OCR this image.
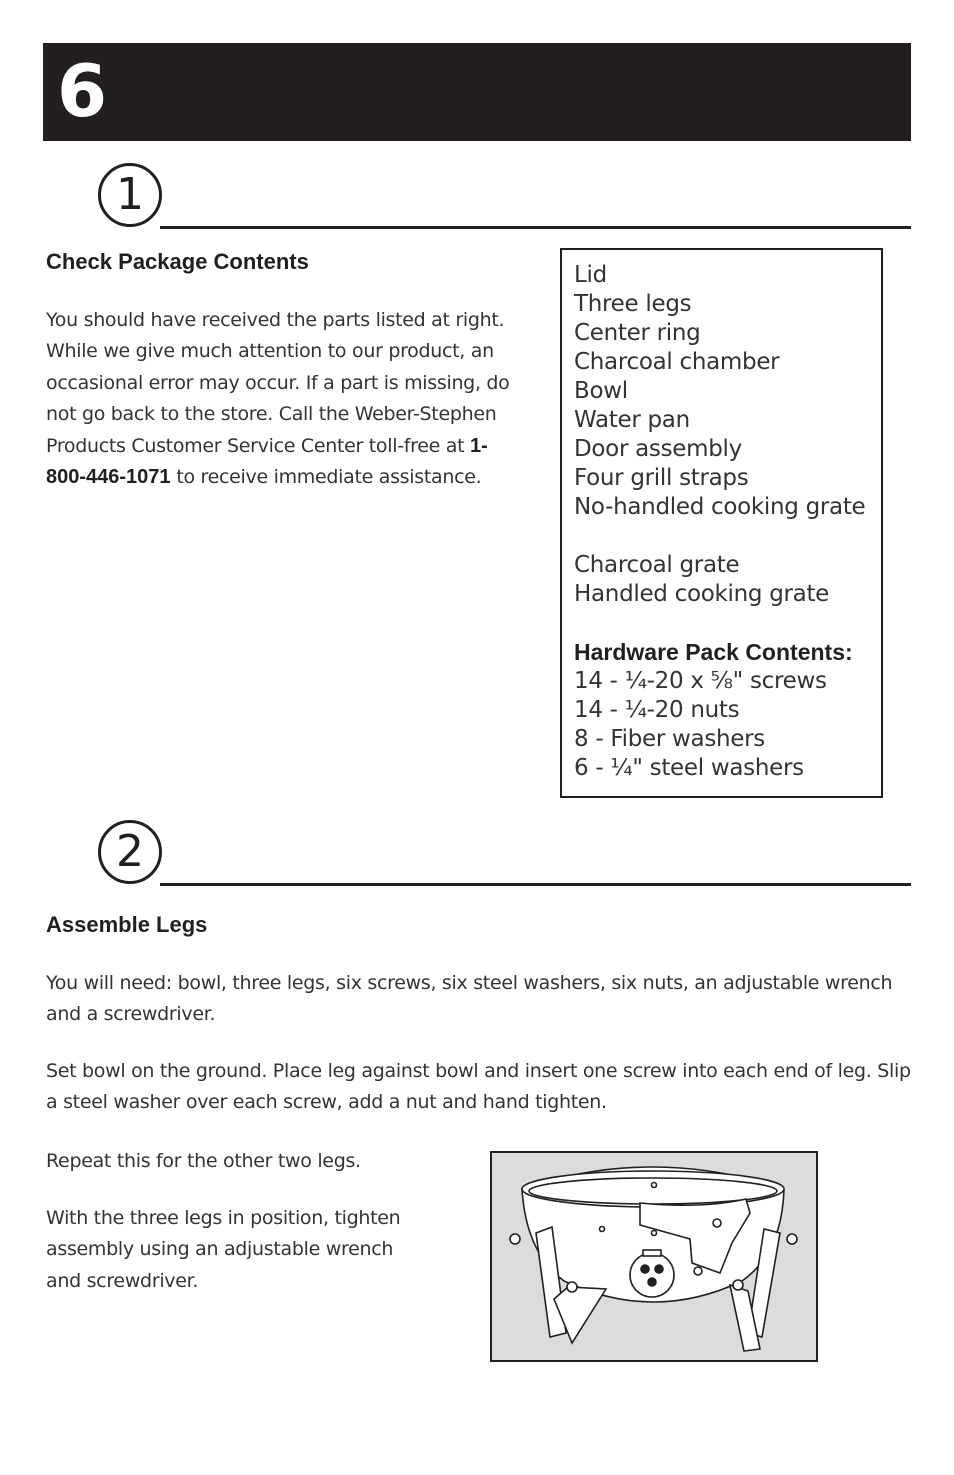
6
1
Check Package Contents
You should have received the parts listed at right. While we give much attention to our product, an occasional error may occur. If a part is missing, do not go back to the store. Call the Weber-Stephen Products Customer Service Center toll-free at 1-800-446-1071 to receive immediate assistance.
Lid
Three legs
Center ring
Charcoal chamber
Bowl
Water pan
Door assembly
Four grill straps
No-handled cooking grate
Charcoal grate
Handled cooking grate
Hardware Pack Contents:
14 - ¼-20 x ⅝" screws
14 - ¼-20 nuts
8 - Fiber washers
6 - ¼" steel washers
2
Assemble Legs
You will need: bowl, three legs, six screws, six steel washers, six nuts, an adjustable wrench and a screwdriver.
Set bowl on the ground. Place leg against bowl and insert one screw into each end of leg. Slip a steel washer over each screw, add a nut and hand tighten.
Repeat this for the other two legs.
With the three legs in position, tighten assembly using an adjustable wrench and screwdriver.
